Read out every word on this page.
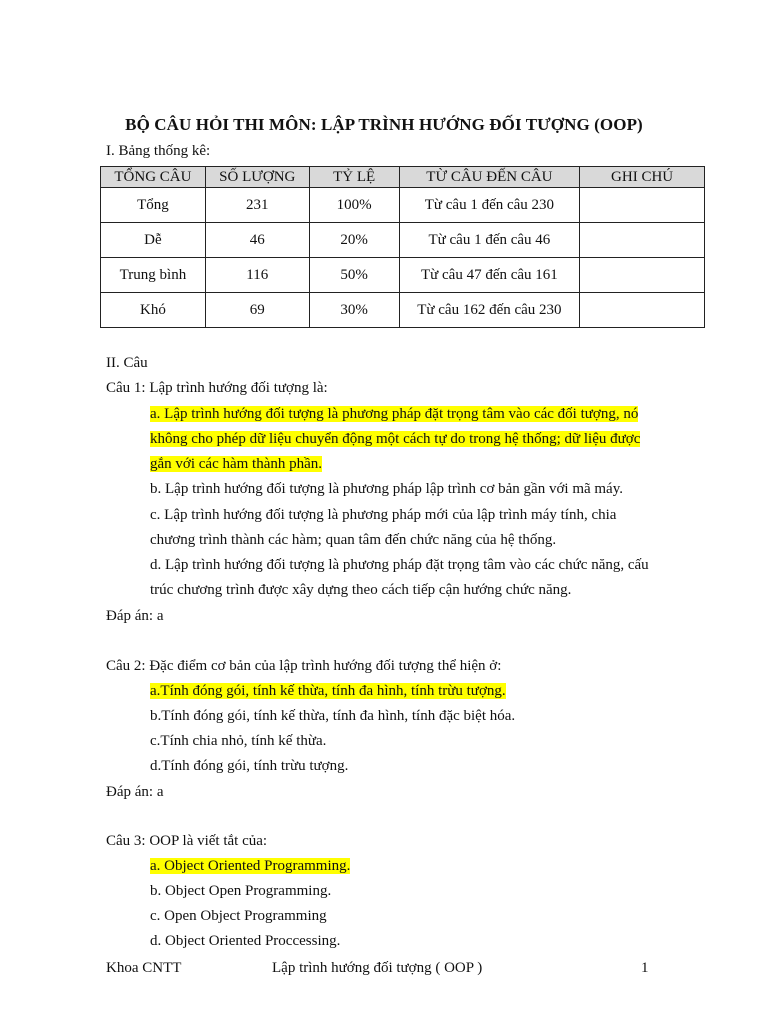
BỘ CÂU HỎI THI MÔN: LẬP TRÌNH HƯỚNG ĐỐI TƯỢNG (OOP)
I. Bảng thống kê:
TỔNG CÂU	SỐ LƯỢNG	TỶ LỆ	TỪ CÂU ĐẾN CÂU	GHI CHÚ
Tổng	231	100%	Từ câu 1 đến câu 230	
Dễ	46	20%	Từ câu 1 đến câu 46	
Trung bình	116	50%	Từ câu 47 đến câu 161	
Khó	69	30%	Từ câu 162 đến câu 230	
II. Câu
Câu 1: Lập trình hướng đối tượng là:
a. Lập trình hướng đối tượng là phương pháp đặt trọng tâm vào các đối tượng, nó
không cho phép dữ liệu chuyển động một cách tự do trong hệ thống; dữ liệu được
gắn với các hàm thành phần.
b. Lập trình hướng đối tượng là phương pháp lập trình cơ bản gần với mã máy.
c. Lập trình hướng đối tượng là phương pháp mới của lập trình máy tính, chia
chương trình thành các hàm; quan tâm đến chức năng của hệ thống.
d. Lập trình hướng đối tượng là phương pháp đặt trọng tâm vào các chức năng, cấu
trúc chương trình được xây dựng theo cách tiếp cận hướng chức năng.
Đáp án: a
Câu 2: Đặc điểm cơ bản của lập trình hướng đối tượng thể hiện ở:
a.Tính đóng gói, tính kế thừa, tính đa hình, tính trừu tượng.
b.Tính đóng gói, tính kế thừa, tính đa hình, tính đặc biệt hóa.
c.Tính chia nhỏ, tính kế thừa.
d.Tính đóng gói, tính trừu tượng.
Đáp án: a
Câu 3: OOP là viết tắt của:
a. Object Oriented Programming.
b. Object Open Programming.
c. Open Object Programming
d. Object Oriented Proccessing.
Khoa CNTT	Lập trình hướng đối tượng ( OOP )	1
